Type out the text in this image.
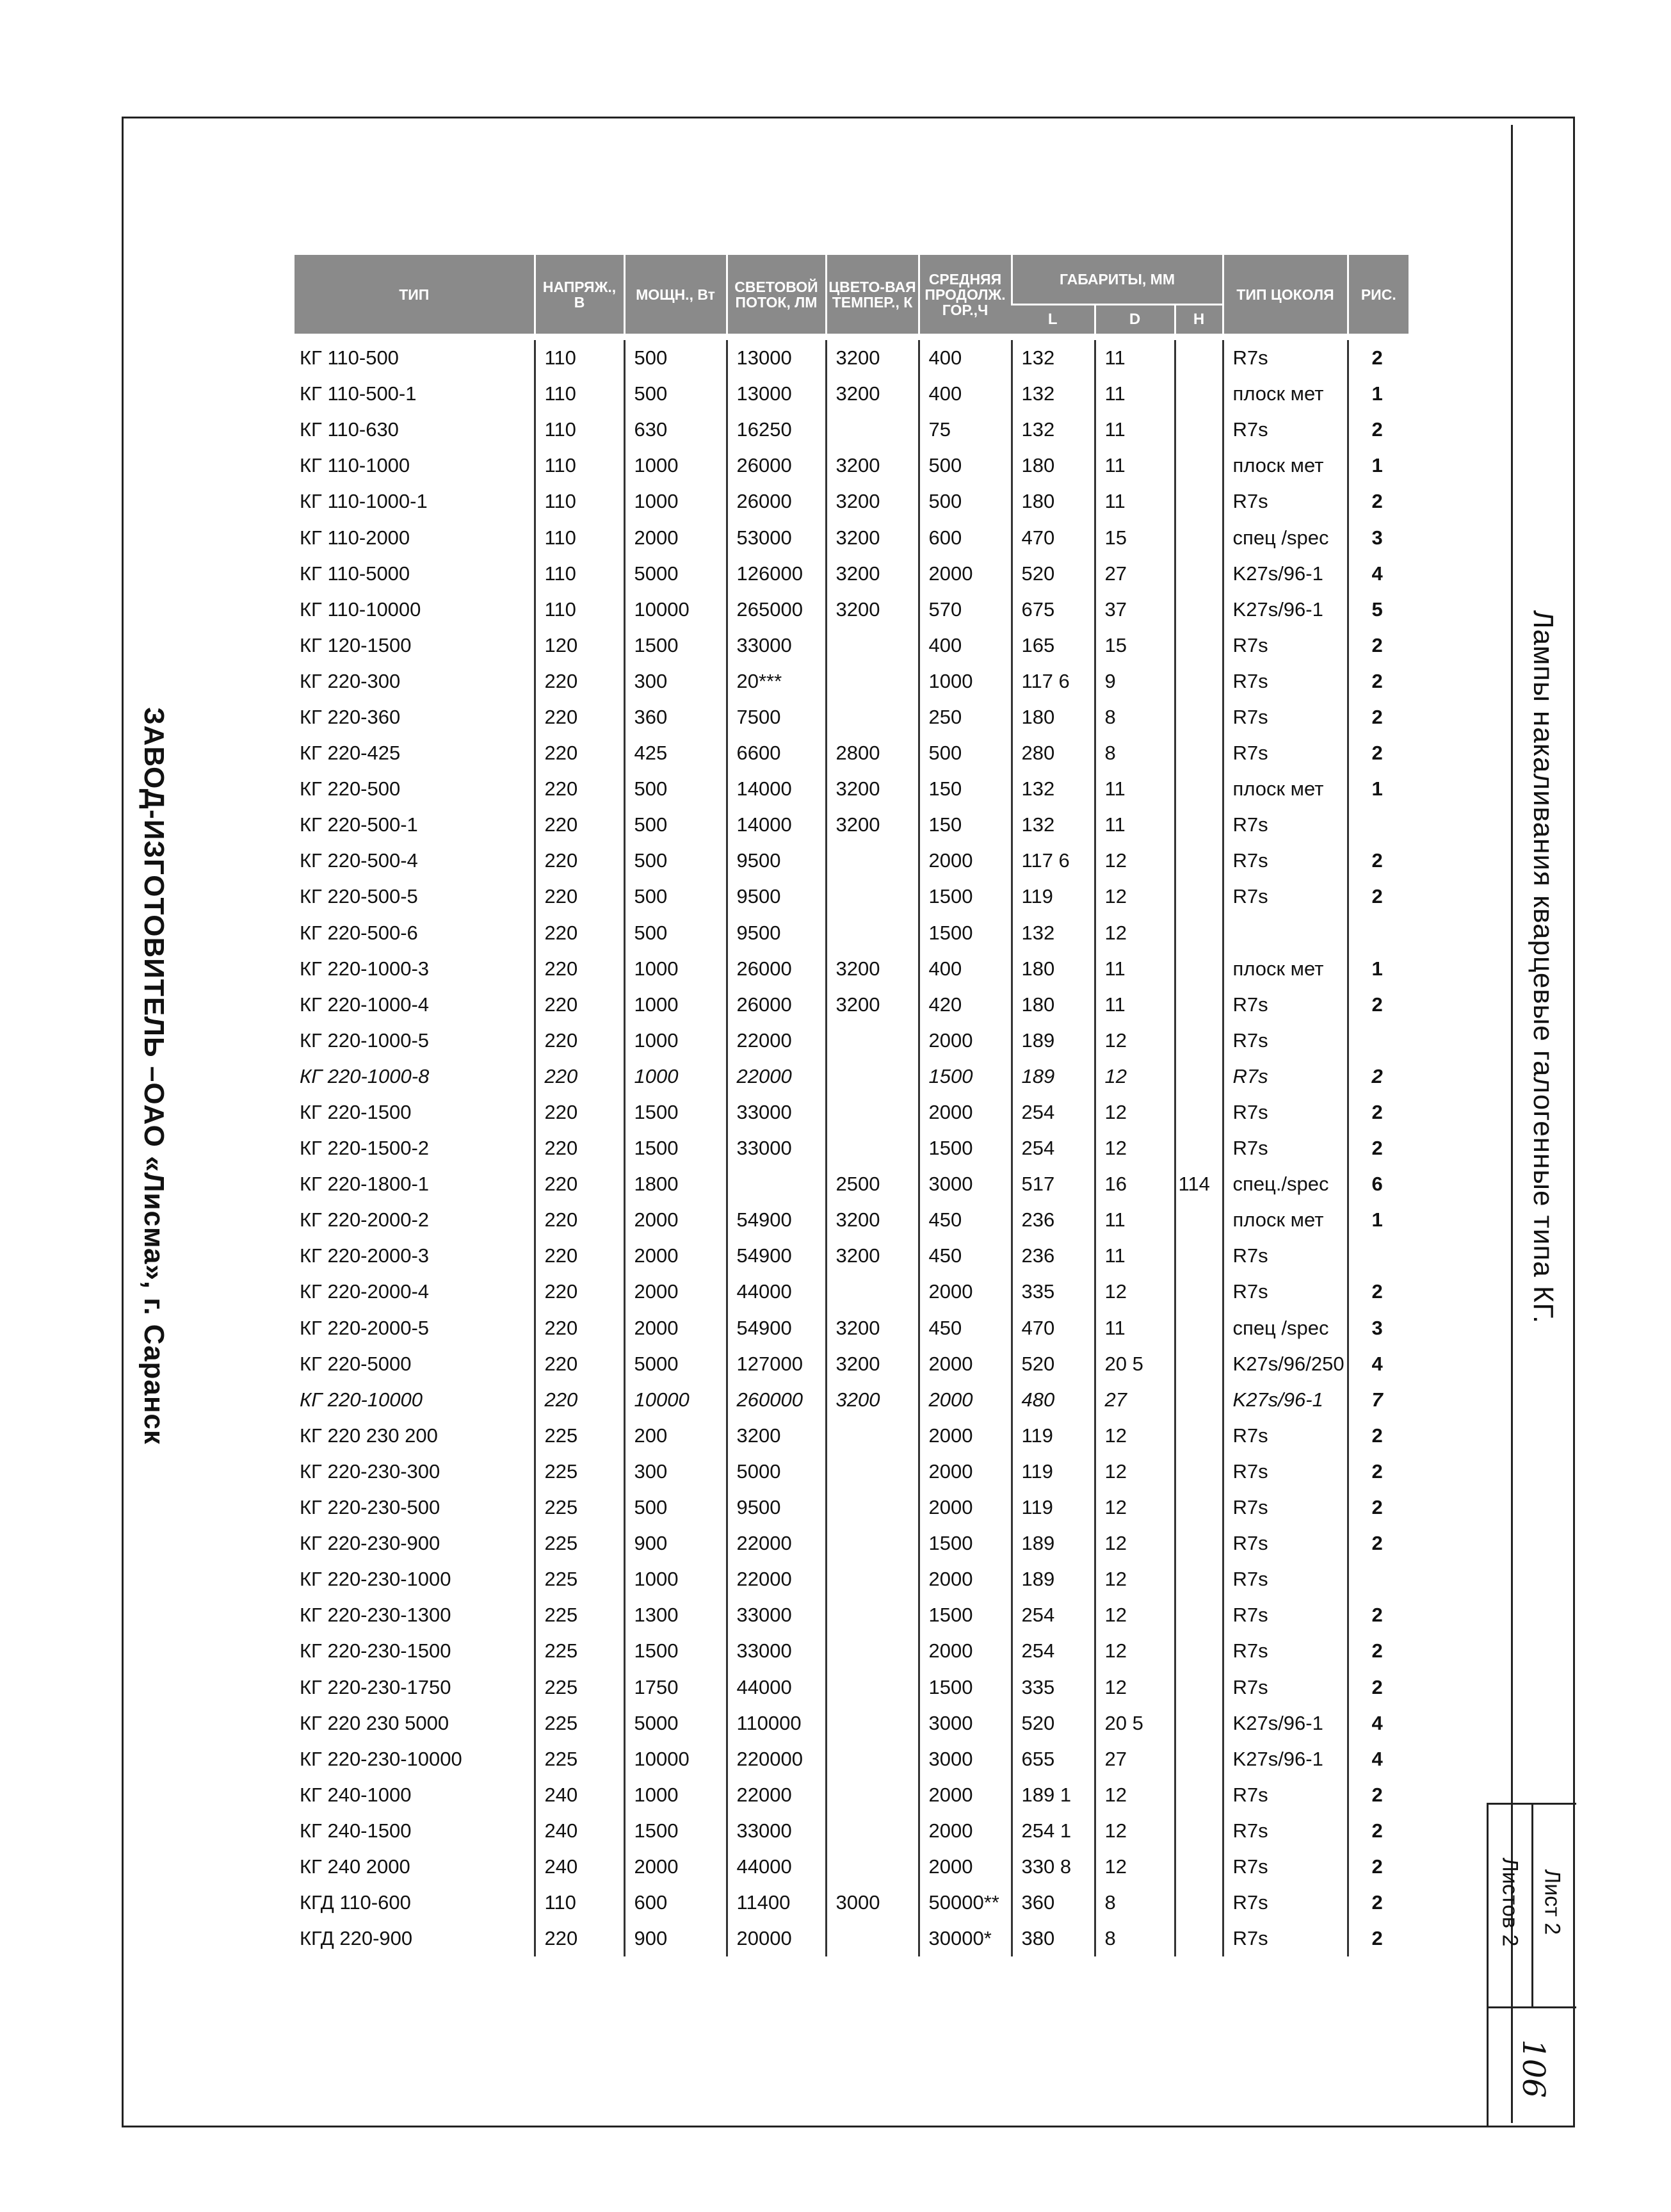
ЗАВОД-ИЗГОТОВИТЕЛЬ –ОАО «Лисма», г. Саранск	Лампы накаливания кварцевые галогенные типа КГ.
Лист 2
Листов 2
106
ТИП	НАПРЯЖ., В	МОЩН., Вт	СВЕТОВОЙ ПОТОК, ЛМ	ЦВЕТО-ВАЯ ТЕМПЕР., К	СРЕДНЯЯ ПРОДОЛЖ. ГОР.,Ч	ГАБАРИТЫ, ММ			ТИП ЦОКОЛЯ	РИС.
						L	D	H		

КГ 110-500	110	500	13000	3200	400	132	11		R7s	2
КГ 110-500-1	110	500	13000	3200	400	132	11		плоск мет	1
КГ 110-630	110	630	16250		75	132	11		R7s	2
КГ 110-1000	110	1000	26000	3200	500	180	11		плоск мет	1
КГ 110-1000-1	110	1000	26000	3200	500	180	11		R7s	2
КГ 110-2000	110	2000	53000	3200	600	470	15		спец /spec	3
КГ 110-5000	110	5000	126000	3200	2000	520	27		K27s/96-1	4
КГ 110-10000	110	10000	265000	3200	570	675	37		K27s/96-1	5
КГ 120-1500	120	1500	33000		400	165	15		R7s	2
КГ 220-300	220	300	20***		1000	117 6	9		R7s	2
КГ 220-360	220	360	7500		250	180	8		R7s	2
КГ 220-425	220	425	6600	2800	500	280	8		R7s	2
КГ 220-500	220	500	14000	3200	150	132	11		плоск мет	1
КГ 220-500-1	220	500	14000	3200	150	132	11		R7s	
КГ 220-500-4	220	500	9500		2000	117 6	12		R7s	2
КГ 220-500-5	220	500	9500		1500	119	12		R7s	2
КГ 220-500-6	220	500	9500		1500	132	12			
КГ 220-1000-3	220	1000	26000	3200	400	180	11		плоск мет	1
КГ 220-1000-4	220	1000	26000	3200	420	180	11		R7s	2
КГ 220-1000-5	220	1000	22000		2000	189	12		R7s	
КГ 220-1000-8	220	1000	22000		1500	189	12		R7s	2
КГ 220-1500	220	1500	33000		2000	254	12		R7s	2
КГ 220-1500-2	220	1500	33000		1500	254	12		R7s	2
КГ 220-1800-1	220	1800		2500	3000	517	16	114	спец./spec	6
КГ 220-2000-2	220	2000	54900	3200	450	236	11		плоск мет	1
КГ 220-2000-3	220	2000	54900	3200	450	236	11		R7s	
КГ 220-2000-4	220	2000	44000		2000	335	12		R7s	2
КГ 220-2000-5	220	2000	54900	3200	450	470	11		спец /spec	3
КГ 220-5000	220	5000	127000	3200	2000	520	20 5		K27s/96/250	4
КГ 220-10000	220	10000	260000	3200	2000	480	27		K27s/96-1	7
КГ 220 230 200	225	200	3200		2000	119	12		R7s	2
КГ 220-230-300	225	300	5000		2000	119	12		R7s	2
КГ 220-230-500	225	500	9500		2000	119	12		R7s	2
КГ 220-230-900	225	900	22000		1500	189	12		R7s	2
КГ 220-230-1000	225	1000	22000		2000	189	12		R7s	
КГ 220-230-1300	225	1300	33000		1500	254	12		R7s	2
КГ 220-230-1500	225	1500	33000		2000	254	12		R7s	2
КГ 220-230-1750	225	1750	44000		1500	335	12		R7s	2
КГ 220 230 5000	225	5000	110000		3000	520	20 5		K27s/96-1	4
КГ 220-230-10000	225	10000	220000		3000	655	27		K27s/96-1	4
КГ 240-1000	240	1000	22000		2000	189 1	12		R7s	2
КГ 240-1500	240	1500	33000		2000	254 1	12		R7s	2
КГ 240 2000	240	2000	44000		2000	330 8	12		R7s	2
КГД 110-600	110	600	11400	3000	50000**	360	8		R7s	2
КГД 220-900	220	900	20000		30000*	380	8		R7s	2
